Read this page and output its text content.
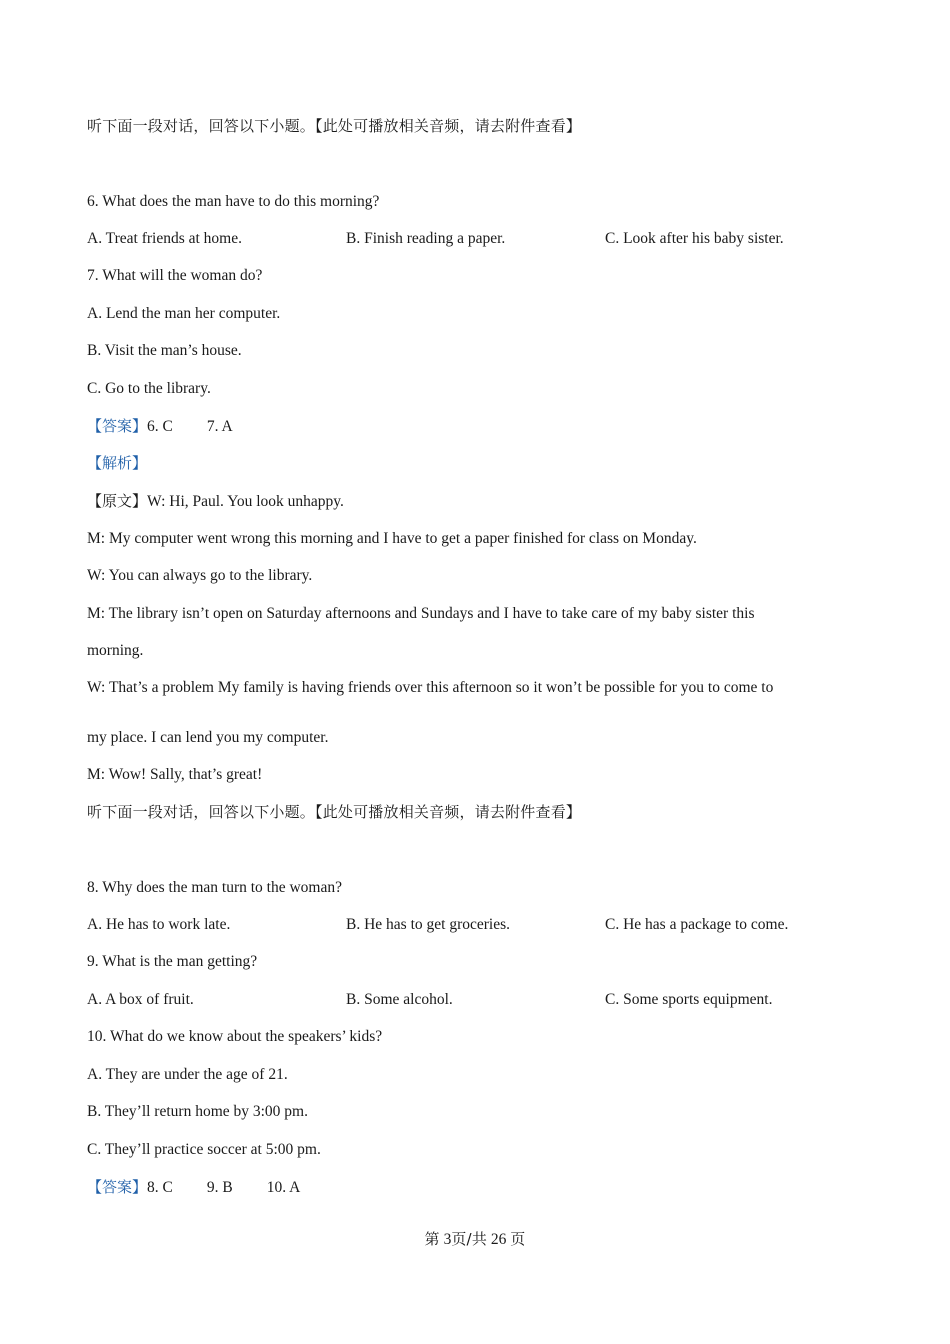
听下面一段对话，回答以下小题。【此处可播放相关音频，请去附件查看】
6. What does the man have to do this morning?
A. Treat friends at home.	B. Finish reading a paper.	C. Look after his baby sister.
7. What will the woman do?
A. Lend the man her computer.
B. Visit the man’s house.
C. Go to the library.
【答案】6. C 7. A
【解析】
【原文】W: Hi, Paul. You look unhappy.
M: My computer went wrong this morning and I have to get a paper finished for class on Monday.
W: You can always go to the library.
M: The library isn’t open on Saturday afternoons and Sundays and I have to take care of my baby sister this
morning.
W: That’s a problem My family is having friends over this afternoon so it won’t be possible for you to come to
my place. I can lend you my computer.
M: Wow! Sally, that’s great!
听下面一段对话，回答以下小题。【此处可播放相关音频，请去附件查看】
8. Why does the man turn to the woman?
A. He has to work late.	B. He has to get groceries.	C. He has a package to come.
9. What is the man getting?
A. A box of fruit.	B. Some alcohol.	C. Some sports equipment.
10. What do we know about the speakers’ kids?
A. They are under the age of 21.
B. They’ll return home by 3:00 pm.
C. They’ll practice soccer at 5:00 pm.
【答案】8. C 9. B 10. A
第 3页/共 26 页
